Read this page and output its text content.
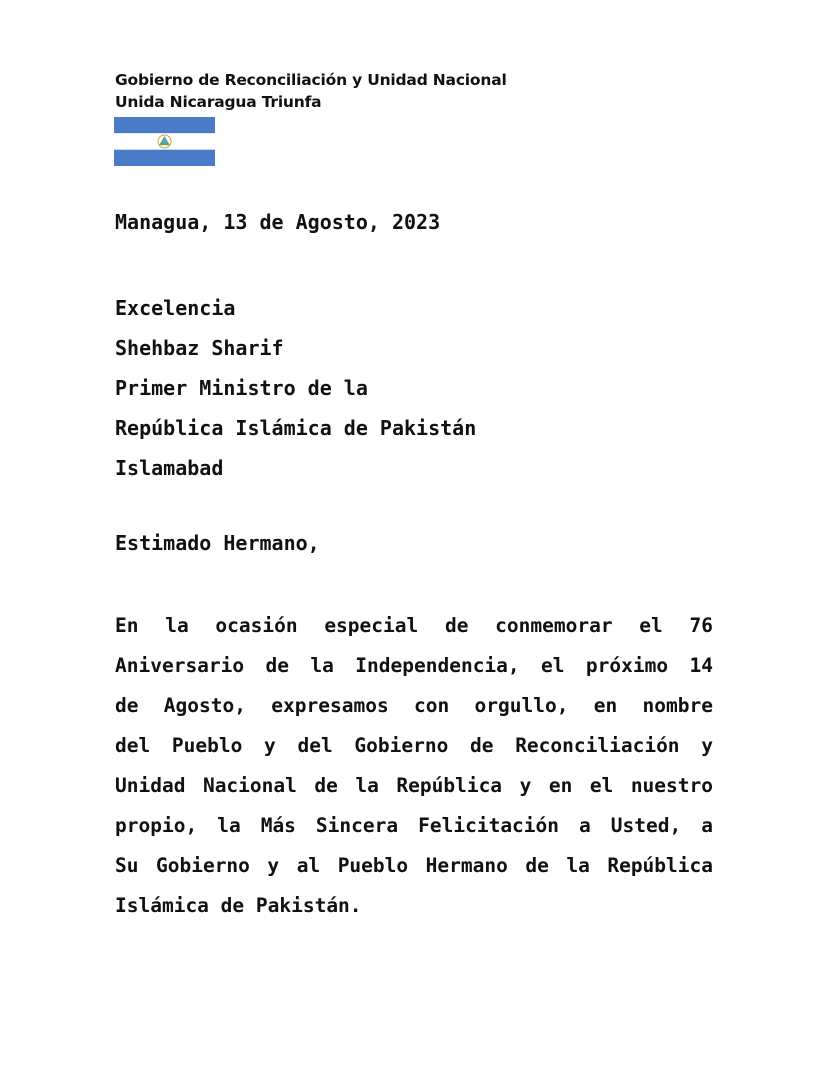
Gobierno de Reconciliación y Unidad Nacional
Unida Nicaragua Triunfa
Managua, 13 de Agosto, 2023
Excelencia
Shehbaz Sharif
Primer Ministro de la
República Islámica de Pakistán
Islamabad
Estimado Hermano,
En la ocasión especial de conmemorar el 76
Aniversario de la Independencia, el próximo 14
de Agosto, expresamos con orgullo, en nombre
del Pueblo y del Gobierno de Reconciliación y
Unidad Nacional de la República y en el nuestro
propio, la Más Sincera Felicitación a Usted, a
Su Gobierno y al Pueblo Hermano de la República
Islámica de Pakistán.
